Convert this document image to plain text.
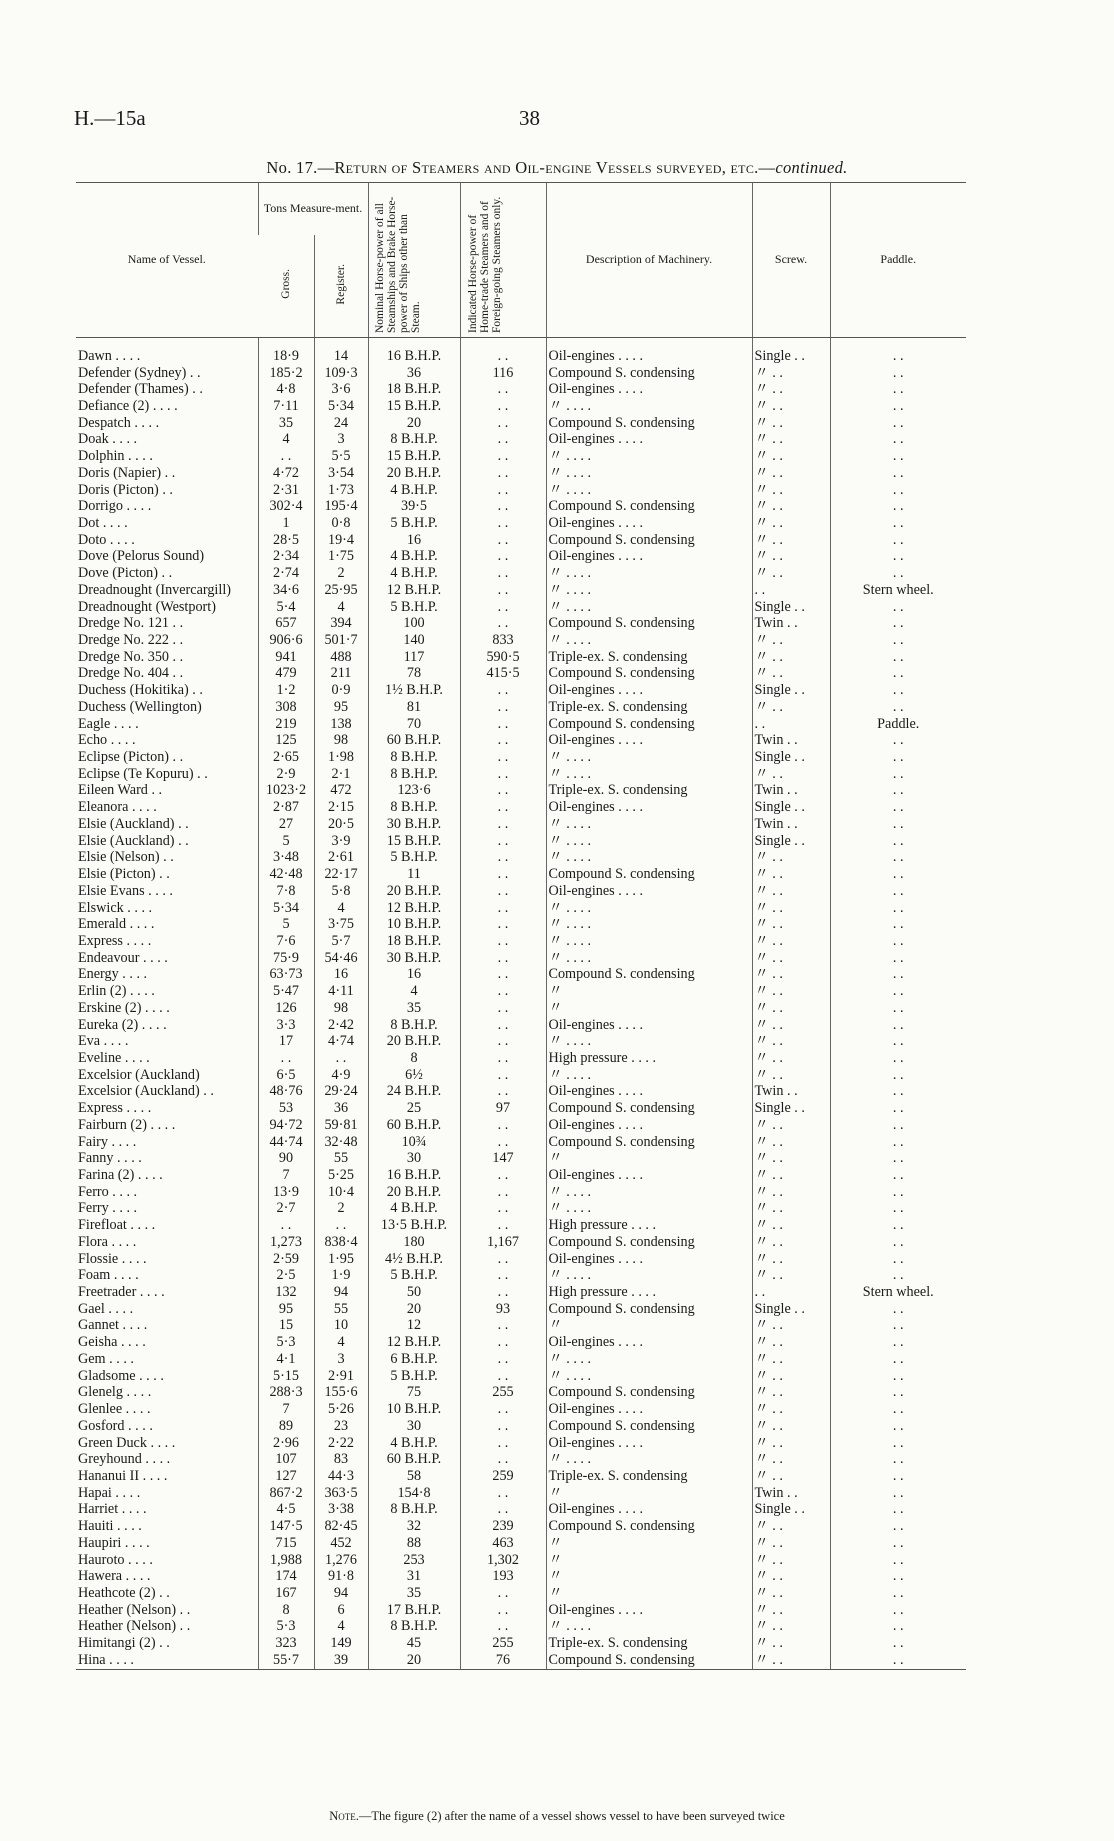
H.—15a	38
No. 17.—Return of Steamers and Oil-engine Vessels surveyed, etc.—continued.
Name of Vessel.	Tons Measure-ment.		Nominal Horse-power of all Steamships and Brake Horse-power of Ships other than Steam.	Indicated Horse-power of Home-trade Steamers and of Foreign-going Steamers only.	Description of Machinery.	Screw.	Paddle.
	Gross.	Register.					
Dawn . . . .	18·9	14	16 B.H.P.	. .	Oil-engines . . . .	Single . .	. .
Defender (Sydney) . .	185·2	109·3	36	116	Compound S. condensing	〃 . .	. .
Defender (Thames) . .	4·8	3·6	18 B.H.P.	. .	Oil-engines . . . .	〃 . .	. .
Defiance (2) . . . .	7·11	5·34	15 B.H.P.	. .	〃 . . . .	〃 . .	. .
Despatch . . . .	35	24	20	. .	Compound S. condensing	〃 . .	. .
Doak . . . .	4	3	8 B.H.P.	. .	Oil-engines . . . .	〃 . .	. .
Dolphin . . . .	. .	5·5	15 B.H.P.	. .	〃 . . . .	〃 . .	. .
Doris (Napier) . .	4·72	3·54	20 B.H.P.	. .	〃 . . . .	〃 . .	. .
Doris (Picton) . .	2·31	1·73	4 B.H.P.	. .	〃 . . . .	〃 . .	. .
Dorrigo . . . .	302·4	195·4	39·5	. .	Compound S. condensing	〃 . .	. .
Dot . . . .	1	0·8	5 B.H.P.	. .	Oil-engines . . . .	〃 . .	. .
Doto . . . .	28·5	19·4	16	. .	Compound S. condensing	〃 . .	. .
Dove (Pelorus Sound)	2·34	1·75	4 B.H.P.	. .	Oil-engines . . . .	〃 . .	. .
Dove (Picton) . .	2·74	2	4 B.H.P.	. .	〃 . . . .	〃 . .	. .
Dreadnought (Invercargill)	34·6	25·95	12 B.H.P.	. .	〃 . . . .	. .	Stern wheel.
Dreadnought (Westport)	5·4	4	5 B.H.P.	. .	〃 . . . .	Single . .	. .
Dredge No. 121 . .	657	394	100	. .	Compound S. condensing	Twin . .	. .
Dredge No. 222 . .	906·6	501·7	140	833	〃 . . . .	〃 . .	. .
Dredge No. 350 . .	941	488	117	590·5	Triple-ex. S. condensing	〃 . .	. .
Dredge No. 404 . .	479	211	78	415·5	Compound S. condensing	〃 . .	. .
Duchess (Hokitika) . .	1·2	0·9	1½ B.H.P.	. .	Oil-engines . . . .	Single . .	. .
Duchess (Wellington)	308	95	81	. .	Triple-ex. S. condensing	〃 . .	. .
Eagle . . . .	219	138	70	. .	Compound S. condensing	. .	Paddle.
Echo . . . .	125	98	60 B.H.P.	. .	Oil-engines . . . .	Twin . .	. .
Eclipse (Picton) . .	2·65	1·98	8 B.H.P.	. .	〃 . . . .	Single . .	. .
Eclipse (Te Kopuru) . .	2·9	2·1	8 B.H.P.	. .	〃 . . . .	〃 . .	. .
Eileen Ward . .	1023·2	472	123·6	. .	Triple-ex. S. condensing	Twin . .	. .
Eleanora . . . .	2·87	2·15	8 B.H.P.	. .	Oil-engines . . . .	Single . .	. .
Elsie (Auckland) . .	27	20·5	30 B.H.P.	. .	〃 . . . .	Twin . .	. .
Elsie (Auckland) . .	5	3·9	15 B.H.P.	. .	〃 . . . .	Single . .	. .
Elsie (Nelson) . .	3·48	2·61	5 B.H.P.	. .	〃 . . . .	〃 . .	. .
Elsie (Picton) . .	42·48	22·17	11	. .	Compound S. condensing	〃 . .	. .
Elsie Evans . . . .	7·8	5·8	20 B.H.P.	. .	Oil-engines . . . .	〃 . .	. .
Elswick . . . .	5·34	4	12 B.H.P.	. .	〃 . . . .	〃 . .	. .
Emerald . . . .	5	3·75	10 B.H.P.	. .	〃 . . . .	〃 . .	. .
Express . . . .	7·6	5·7	18 B.H.P.	. .	〃 . . . .	〃 . .	. .
Endeavour . . . .	75·9	54·46	30 B.H.P.	. .	〃 . . . .	〃 . .	. .
Energy . . . .	63·73	16	16	. .	Compound S. condensing	〃 . .	. .
Erlin (2) . . . .	5·47	4·11	4	. .	〃	〃 . .	. .
Erskine (2) . . . .	126	98	35	. .	〃	〃 . .	. .
Eureka (2) . . . .	3·3	2·42	8 B.H.P.	. .	Oil-engines . . . .	〃 . .	. .
Eva . . . .	17	4·74	20 B.H.P.	. .	〃 . . . .	〃 . .	. .
Eveline . . . .	. .	. .	8	. .	High pressure . . . .	〃 . .	. .
Excelsior (Auckland)	6·5	4·9	6½	. .	〃 . . . .	〃 . .	. .
Excelsior (Auckland) . .	48·76	29·24	24 B.H.P.	. .	Oil-engines . . . .	Twin . .	. .
Express . . . .	53	36	25	97	Compound S. condensing	Single . .	. .
Fairburn (2) . . . .	94·72	59·81	60 B.H.P.	. .	Oil-engines . . . .	〃 . .	. .
Fairy . . . .	44·74	32·48	10¾	. .	Compound S. condensing	〃 . .	. .
Fanny . . . .	90	55	30	147	〃	〃 . .	. .
Farina (2) . . . .	7	5·25	16 B.H.P.	. .	Oil-engines . . . .	〃 . .	. .
Ferro . . . .	13·9	10·4	20 B.H.P.	. .	〃 . . . .	〃 . .	. .
Ferry . . . .	2·7	2	4 B.H.P.	. .	〃 . . . .	〃 . .	. .
Firefloat . . . .	. .	. .	13·5 B.H.P.	. .	High pressure . . . .	〃 . .	. .
Flora . . . .	1,273	838·4	180	1,167	Compound S. condensing	〃 . .	. .
Flossie . . . .	2·59	1·95	4½ B.H.P.	. .	Oil-engines . . . .	〃 . .	. .
Foam . . . .	2·5	1·9	5 B.H.P.	. .	〃 . . . .	〃 . .	. .
Freetrader . . . .	132	94	50	. .	High pressure . . . .	. .	Stern wheel.
Gael . . . .	95	55	20	93	Compound S. condensing	Single . .	. .
Gannet . . . .	15	10	12	. .	〃	〃 . .	. .
Geisha . . . .	5·3	4	12 B.H.P.	. .	Oil-engines . . . .	〃 . .	. .
Gem . . . .	4·1	3	6 B.H.P.	. .	〃 . . . .	〃 . .	. .
Gladsome . . . .	5·15	2·91	5 B.H.P.	. .	〃 . . . .	〃 . .	. .
Glenelg . . . .	288·3	155·6	75	255	Compound S. condensing	〃 . .	. .
Glenlee . . . .	7	5·26	10 B.H.P.	. .	Oil-engines . . . .	〃 . .	. .
Gosford . . . .	89	23	30	. .	Compound S. condensing	〃 . .	. .
Green Duck . . . .	2·96	2·22	4 B.H.P.	. .	Oil-engines . . . .	〃 . .	. .
Greyhound . . . .	107	83	60 B.H.P.	. .	〃 . . . .	〃 . .	. .
Hananui II . . . .	127	44·3	58	259	Triple-ex. S. condensing	〃 . .	. .
Hapai . . . .	867·2	363·5	154·8	. .	〃	Twin . .	. .
Harriet . . . .	4·5	3·38	8 B.H.P.	. .	Oil-engines . . . .	Single . .	. .
Hauiti . . . .	147·5	82·45	32	239	Compound S. condensing	〃 . .	. .
Haupiri . . . .	715	452	88	463	〃	〃 . .	. .
Hauroto . . . .	1,988	1,276	253	1,302	〃	〃 . .	. .
Hawera . . . .	174	91·8	31	193	〃	〃 . .	. .
Heathcote (2) . .	167	94	35	. .	〃	〃 . .	. .
Heather (Nelson) . .	8	6	17 B.H.P.	. .	Oil-engines . . . .	〃 . .	. .
Heather (Nelson) . .	5·3	4	8 B.H.P.	. .	〃 . . . .	〃 . .	. .
Himitangi (2) . .	323	149	45	255	Triple-ex. S. condensing	〃 . .	. .
Hina . . . .	55·7	39	20	76	Compound S. condensing	〃 . .	. .
Note.—The figure (2) after the name of a vessel shows vessel to have been surveyed twice
